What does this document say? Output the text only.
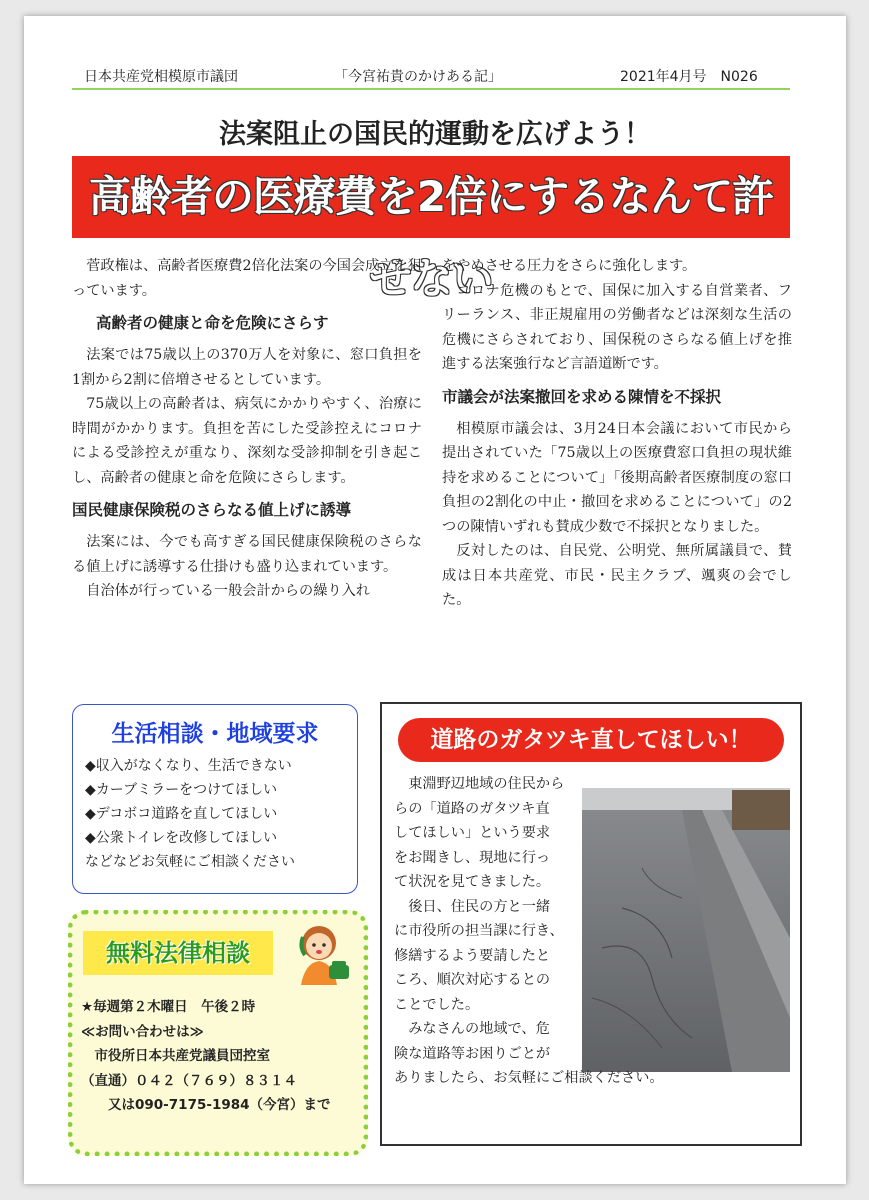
日本共産党相模原市議団	「今宮祐貴のかけある記」	2021年4月号　N026
法案阻止の国民的運動を広げよう！
高齢者の医療費を2倍にするなんて許せない

菅政権は、高齢者医療費2倍化法案の今国会成立を狙っています。

高齢者の健康と命を危険にさらす

法案では75歳以上の370万人を対象に、窓口負担を1割から2割に倍増させるとしています。

75歳以上の高齢者は、病気にかかりやすく、治療に時間がかかります。負担を苦にした受診控えにコロナによる受診控えが重なり、深刻な受診抑制を引き起こし、高齢者の健康と命を危険にさらします。

国民健康保険税のさらなる値上げに誘導

法案には、今でも高すぎる国民健康保険税のさらなる値上げに誘導する仕掛けも盛り込まれています。

自治体が行っている一般会計からの繰り入れ

をやめさせる圧力をさらに強化します。

コロナ危機のもとで、国保に加入する自営業者、フリーランス、非正規雇用の労働者などは深刻な生活の危機にさらされており、国保税のさらなる値上げを推進する法案強行など言語道断です。

市議会が法案撤回を求める陳情を不採択

相模原市議会は、3月24日本会議において市民から提出されていた「75歳以上の医療費窓口負担の現状維持を求めることについて」「後期高齢者医療制度の窓口負担の2割化の中止・撤回を求めることについて」の2つの陳情いずれも賛成少数で不採択となりました。

反対したのは、自民党、公明党、無所属議員で、賛成は日本共産党、市民・民主クラブ、颯爽の会でした。

生活相談・地域要求
◆収入がなくなり、生活できない
◆カーブミラーをつけてほしい
◆デコボコ道路を直してほしい
◆公衆トイレを改修してほしい
などなどお気軽にご相談ください
無料法律相談
★毎週第２木曜日　午後２時
≪お問い合わせは≫
　市役所日本共産党議員団控室
（直通）０４２（７６９）８３１４
　　又は090-7175-1984（今宮）まで
道路のガタツキ直してほしい！
東淵野辺地域の住民から
らの「道路のガタツキ直
してほしい」という要求
をお聞きし、現地に行っ
て状況を見てきました。
　後日、住民の方と一緒
に市役所の担当課に行き、
修繕するよう要請したと
ころ、順次対応するとの
ことでした。
　みなさんの地域で、危
険な道路等お困りごとが
ありましたら、お気軽にご相談ください。
